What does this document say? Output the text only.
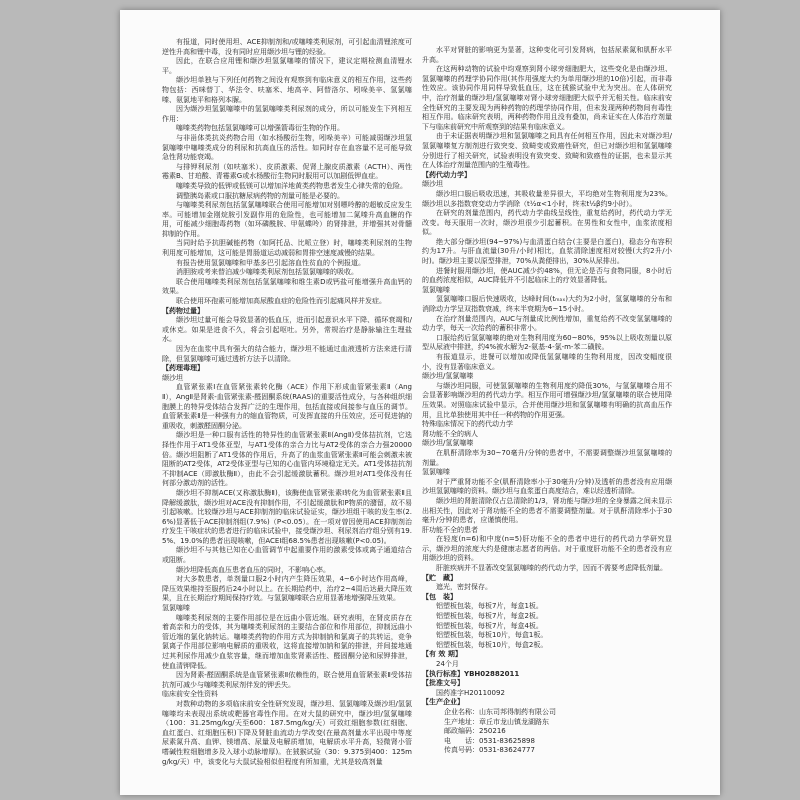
有报道，同时使用坦、ACE抑制剂和/或噻嗪类利尿剂，可引起血清锂浓度可逆性升高和锂中毒，没有同时应用缬沙坦与锂的经验。

因此，在联合应用锂和缬沙坦氢氯噻嗪的情况下，建议定期检测血清锂水平。

缬沙坦单独与下列任何药物之间没有观察到有临床意义的相互作用，这些药物包括：西咪替丁、华法令、呋塞米、地高辛、阿替洛尔、吲哚美辛、氢氯噻嗪、氨氯地平和格列本脲。

因为缬沙坦氢氯噻嗪中的氢氯噻嗪类利尿剂的成分，所以可能发生下列相互作用：

噻嗪类药物包括氢氯噻嗪可以增强箭毒衍生物的作用。

与非甾体类抗炎药物合用（如水杨酸衍生物，吲哚美辛）可能减弱缬沙坦氢氯噻嗪中噻嗪类成分的利尿和抗高血压的活性。如同时存在血容量不足可能导致急性肾功能衰竭。

与排钾利尿剂（如呋塞米）、皮质激素、促肾上腺皮质激素（ACTH）、两性霉素B、甘珀酸、青霉素G或水杨酸衍生物同时服用可以加剧低钾血症。

噻嗪类导致的低钾或低镁可以增加洋地黄类药物患者发生心律失常的危险。

调整胰岛素或口服抗糖尿病药物的剂量可能是必要的。

与噻嗪类利尿剂包括氢氯噻嗪联合使用可能增加对别嘌呤醇的超敏反应发生率。可能增加金刚烷胺引发副作用的危险性，也可能增加二氮嗪升高血糖的作用，可能减少细胞毒药物（如环磷酰胺、甲氨蝶呤）的肾排泄，并增强其对骨髓抑制的作用。

当同时给予抗胆碱能药物（如阿托品、比哌立登）时，噻嗪类利尿剂的生物利用度可能增加，这可能是胃肠道运动减弱和胃排空速度减慢的结果。

有报告使用氢氯噻嗪和甲基多巴引起溶血性贫血的个例报道。

消胆胺或考来替泊减少噻嗪类利尿剂包括氢氯噻嗪的吸收。

联合使用噻嗪类利尿剂包括氢氯噻嗪和维生素D或钙盐可能增强升高血钙的效果。

联合使用环孢素可能增加高尿酸血症的危险性而引起痛风样并发症。

【药物过量】

缬沙坦过量可能会导致显著的低血压，进而引起意识水平下降、循环衰竭和/或休克。如果是进食不久，将会引起呕吐。另外，常规治疗是静脉输注生理盐水。

因为在血浆中具有强大的结合能力，缬沙坦不能通过血液透析方法来进行清除，但氢氯噻嗪可通过透析方法予以清除。

【药理毒理】

缬沙坦

血管紧张素Ⅰ在血管紧张素转化酶（ACE）作用下形成血管紧张素Ⅱ（AngⅡ），AngⅡ是肾素-血管紧张素-醛固酮系统(RAAS)的重要活性成分，与各种组织细胞膜上的特异受体结合发挥广泛的生理作用，包括直接或间接参与血压的调节。血管紧张素Ⅱ是一种强有力的缩血管物质，可发挥直接的升压效应，还可促进钠的重吸收，刺激醛固酮分泌。

缬沙坦是一种口服有活性的特异性的血管紧张素Ⅱ(AngⅡ)受体拮抗剂，它选择性作用于AT1受体亚型，与AT1受体的亲合力比与AT2受体的亲合力强20000倍。缬沙坦阻断了AT1受体的作用后，升高了的血浆血管紧张素Ⅱ可能会刺激未被阻断的AT2受体，AT2受体亚型与已知的心血管内环境稳定无关。AT1受体拮抗剂不抑制ACE（即激肽酶Ⅱ），由此不会引起缓激肽蓄积。缬沙坦对AT1受体没有任何部分激动剂的活性。

缬沙坦不抑制ACE(又称激肽酶Ⅱ)，该酶使血管紧张素Ⅰ转化为血管紧张素Ⅱ且降解缓激肽，缬沙坦对ACE没有抑制作用，不引起缓激肽和P物质的潴留，故不易引起咳嗽。比较缬沙坦与ACE抑制剂的临床试验证实，缬沙坦组干咳的发生率(2.6%)显著低于ACE抑制剂组(7.9%)（P<0.05）。在一项对曾因使用ACE抑制剂治疗发生干咳症状的患者进行的临床试验中，接受缬沙坦、利尿剂治疗组分别有19.5%、19.0%的患者出现咳嗽，但ACEI组68.5%患者出现咳嗽(P<0.05)。

缬沙坦不与其他已知在心血管调节中起重要作用的激素受体或离子通道结合或阻断。

缬沙坦降低高血压患者血压的同时，不影响心率。

对大多数患者，单剂量口服2小时内产生降压效果，4~6小时达作用高峰，降压效果维持至服药后24小时以上。在长期给药中，治疗2~4周后达最大降压效果，且在长期治疗期间保持疗效。与氢氯噻嗪联合应用显著地增强降压效果。

氢氯噻嗪

噻嗪类利尿剂的主要作用部位是在远曲小管近端。研究表明，在肾皮质存在着高亲和力的受体，其为噻嗪类利尿剂的主要结合部位和作用部位，抑制远曲小管近端的氯化钠转运。噻嗪类药物的作用方式为抑制钠和氯离子的共转运，竞争氯离子作用部位影响电解质的重吸收，这将直接增加钠和氯的排泄，并间接地通过其利尿作用减少血浆容量，继而增加血浆肾素活性、醛固酮分泌和尿钾排泄，使血清钾降低。

因为肾素-醛固酮系统是血管紧张素Ⅱ依赖性的，联合使用血管紧张素Ⅱ受体拮抗剂可减少与噻嗪类利尿剂伴发的钾丢失。

临床前安全性资料

对数种动物的多项临床前安全性研究发现，缬沙坦、氢氯噻嗪及缬沙坦/氢氯噻嗪均未表现出系统或靶器官毒性作用。在对大鼠的研究中，缬沙坦/氢氯噻嗪（100：31.25mg/kg/天至600：187.5mg/kg/天）可致红细胞参数(红细胞、血红蛋白、红细胞压积)下降及肾脏血流动力学改变(在最高剂量水平出现中等度尿素氮升高、血钾、镁增高、尿量及电解质增加，电解质水平升高，轻微肾小管嗜碱性粒细胞增多及入球小动脉增厚)。在狨猴试验（30：9.375到400：125mg/kg/天）中，该变化与大鼠试验相似但程度有所加重，尤其是较高剂量

水平对肾脏的影响更为显著，这种变化可引发肾病，包括尿素氮和肌酐水平升高。

在这两种动物的试验中均观察到肾小球旁细胞肥大，这些变化是由缬沙坦、氢氯噻嗪的药理学协同作用(其作用强度大约为单用缬沙坦的10倍)引起，而非毒性效应。该协同作用同样导致低血压，这在狨猴试验中尤为突出。在人体研究中，治疗剂量的缬沙坦/氢氯噻嗪对肾小球旁细胞肥大似乎并无相关性。临床前安全性研究的主要发现为两种药物的药理学协同作用，但未发现两种药物间有毒性相互作用。临床研究表明，两种药物作用且没有叠加，尚未证实在人体治疗剂量下与临床前研究中所观察到的结果有临床意义。

由于未证据表明缬沙坦和氢氯噻嗪之间具有任何相互作用，因此未对缬沙坦/氢氯噻嗪复方制剂进行致突变、致畸变或致癌性研究，但已对缬沙坦和氢氯噻嗪分别进行了相关研究，试验表明没有致突变、致畸和致癌性的证据，也未显示其在人体治疗剂量范围内的生殖毒性。

【药代动力学】

缬沙坦

缬沙坦口服后吸收迅速，其吸收量差异很大，平均绝对生物利用度为23%。缬沙坦以多指数衰变动力学消除（t½α<1小时，终末t½β约9小时）。

在研究的剂量范围内，药代动力学曲线呈线性，重复给药时，药代动力学无改变。每天服用一次时，缬沙坦很少引起蓄积。在男性和女性中，血浆浓度相似。

绝大部分缬沙坦(94~97%)与血清蛋白结合(主要是白蛋白)，稳态分布容积约为17升。与肝血流量(30升/小时)相比，血浆清除速度相对较慢(大约2升/小时)。缬沙坦主要以原型排泄，70%从粪便排出，30%从尿排出。

进餐时服用缬沙坦，使AUC减少约48%，但无论是否与食物同服，8小时后的血药浓度相似，AUC降低并不引起临床上的疗效显著降低。

氢氯噻嗪

氢氯噻嗪口服后快速吸收，达峰时间(tₘₐₓ)大约为2小时，氢氯噻嗪的分布和消除动力学呈双指数衰减，终末半衰期为6~15小时。

在治疗剂量范围内，AUC与剂量成比例性增加，重复给药不改变氢氯噻嗪的动力学，每天一次给药的蓄积非常小。

口服给药后氢氯噻嗪的绝对生物利用度为60~80%，95%以上吸收剂量以原型从尿液中排泄，约4%被水解为2-氨基-4-氯-m-苯二磺胺。

有报道显示，进餐可以增加或降低氢氯噻嗪的生物利用度，因改变幅度很小，没有显著临床意义。

缬沙坦/氢氯噻嗪

与缬沙坦同服，可使氢氯噻嗪的生物利用度约降低30%，与氢氯噻嗪合用不会显著影响缬沙坦的药代动力学。相互作用可增强缬沙坦/氢氯噻嗪的联合使用降压效果。对照临床试验中显示，合并使用缬沙坦和氢氯噻嗪有明确的抗高血压作用，且比单独使用其中任一种药物的作用更强。

特殊临床情况下的药代动力学

肾功能不全的病人

缬沙坦/氢氯噻嗪

在肌酐清除率为30~70毫升/分钟的患者中，不需要调整缬沙坦氢氯噻嗪的剂量。

氢氯噻嗪

对于严重肾功能不全(肌酐清除率小于30毫升/分钟)及透析的患者没有应用缬沙坦氢氯噻嗪的资料。缬沙坦与血浆蛋白高度结合，难以经透析清除。

缬沙坦的肾脏清除仅占总清除的1/3，肾功能与缬沙坦的全身暴露之间未显示出相关性，因此对于肾功能不全的患者不需要调整剂量。对于肌酐清除率小于30毫升/分钟的患者，应谨慎使用。

肝功能不全的患者

在轻度(n=6)和中度(n=5)肝功能不全的患者中进行的药代动力学研究显示，缬沙坦的浓度大约是健康志愿者的两倍。对于重度肝功能不全的患者没有应用缬沙坦的资料。

肝脏疾病并不显著改变氢氯噻嗪的药代动力学，因而不需要考虑降低剂量。

【贮　藏】

遮光，密封保存。

【包　装】

铝塑板包装，每板7片，每盒1板。

铝塑板包装，每板7片，每盒2板。

铝塑板包装，每板7片，每盒4板。

铝塑板包装，每板10片，每盒1板。

铝塑板包装，每板10片，每盒2板。

【有 效 期】

24个月

【执行标准】YBH02882011

【批准文号】

国药准字H20110092

【生产企业】

企业名称：山东司邦得制药有限公司

生产地址：章丘市龙山镇龙湖路东

邮政编码：250216

电　　话：0531-83625898

传真号码：0531-83624777
